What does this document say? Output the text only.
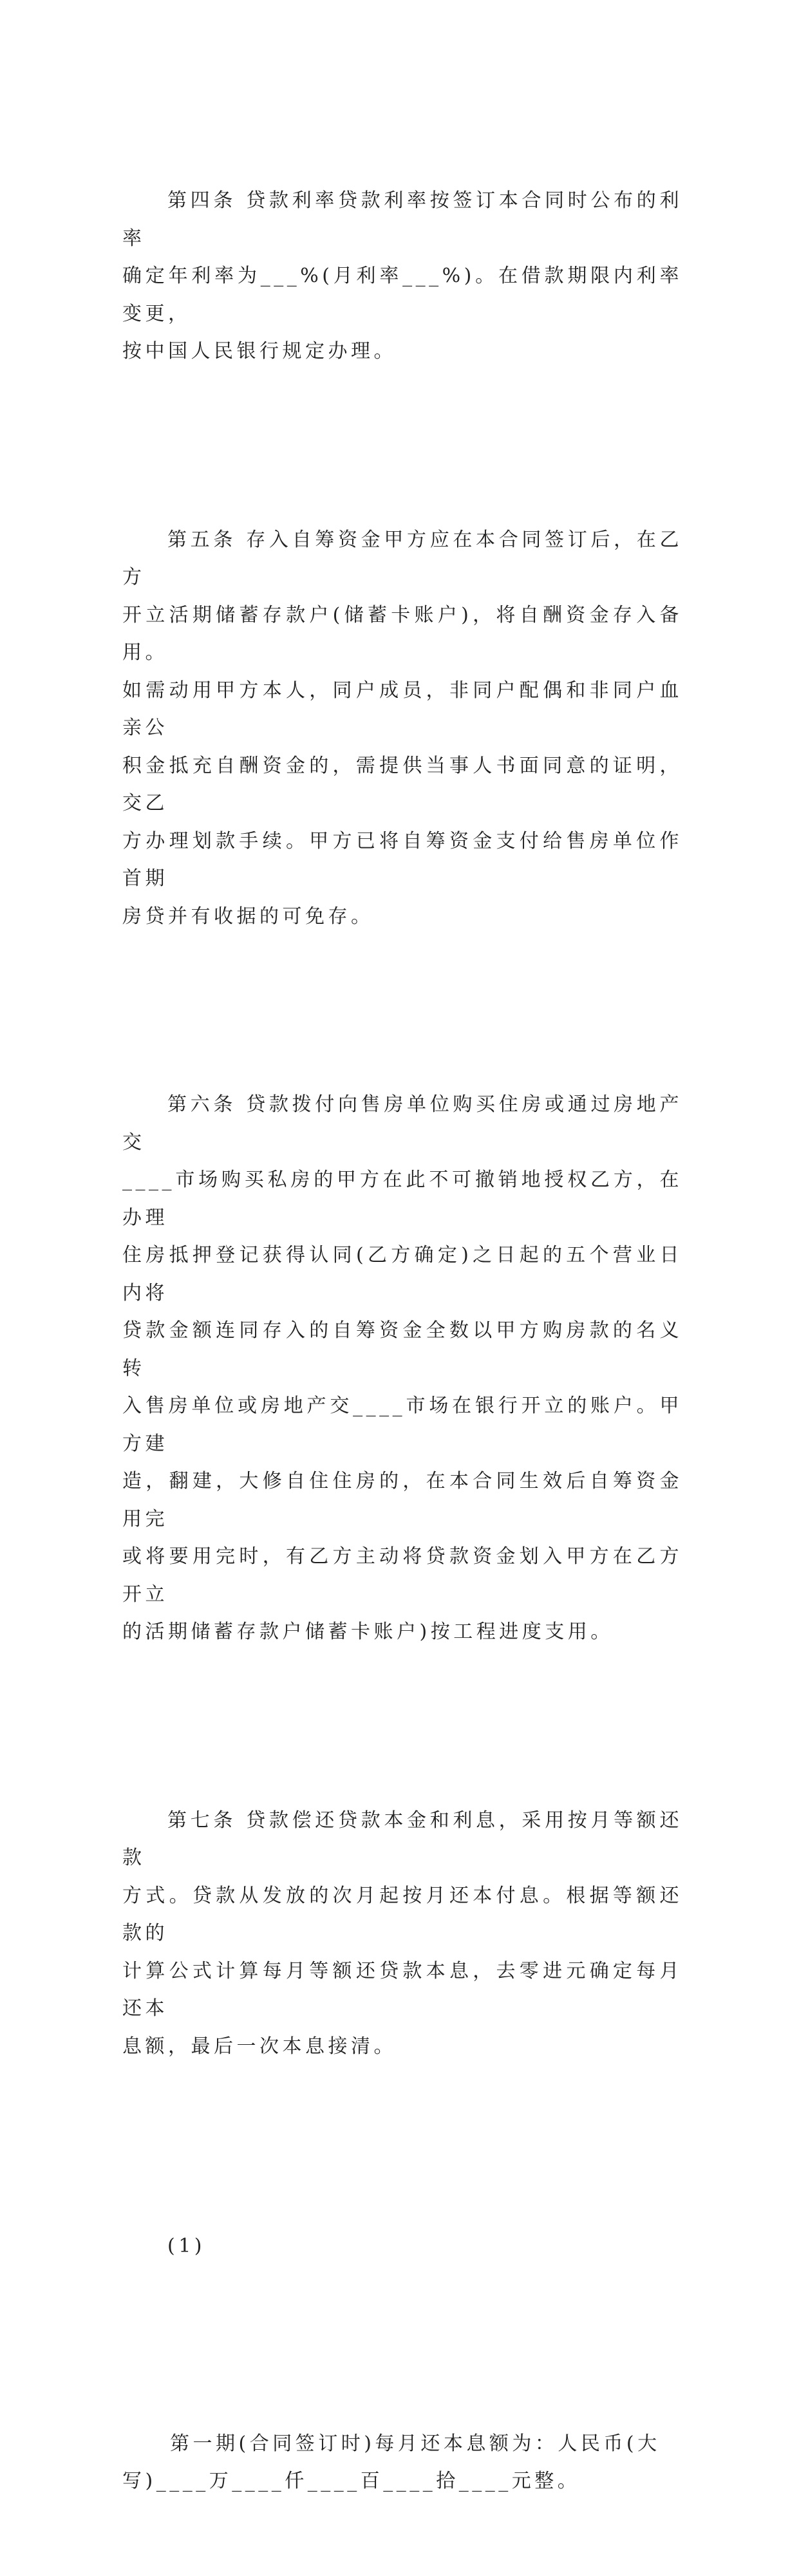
第四条 贷款利率贷款利率按签订本合同时公布的利率
确定年利率为___%(月利率___%)。在借款期限内利率变更，
按中国人民银行规定办理。

第五条 存入自筹资金甲方应在本合同签订后，在乙方
开立活期储蓄存款户(储蓄卡账户)，将自酬资金存入备用。
如需动用甲方本人，同户成员，非同户配偶和非同户血亲公
积金抵充自酬资金的，需提供当事人书面同意的证明，交乙
方办理划款手续。甲方已将自筹资金支付给售房单位作首期
房贷并有收据的可免存。

第六条 贷款拨付向售房单位购买住房或通过房地产交
____市场购买私房的甲方在此不可撤销地授权乙方，在办理
住房抵押登记获得认同(乙方确定)之日起的五个营业日内将
贷款金额连同存入的自筹资金全数以甲方购房款的名义转
入售房单位或房地产交____市场在银行开立的账户。甲方建
造，翻建，大修自住住房的，在本合同生效后自筹资金用完
或将要用完时，有乙方主动将贷款资金划入甲方在乙方开立
的活期储蓄存款户储蓄卡账户)按工程进度支用。

第七条 贷款偿还贷款本金和利息，采用按月等额还款
方式。贷款从发放的次月起按月还本付息。根据等额还款的
计算公式计算每月等额还贷款本息，去零进元确定每月还本
息额，最后一次本息接清。

(1)

第一期(合同签订时)每月还本息额为：人民币(大
写)____万____仟____百____拾____元整。
